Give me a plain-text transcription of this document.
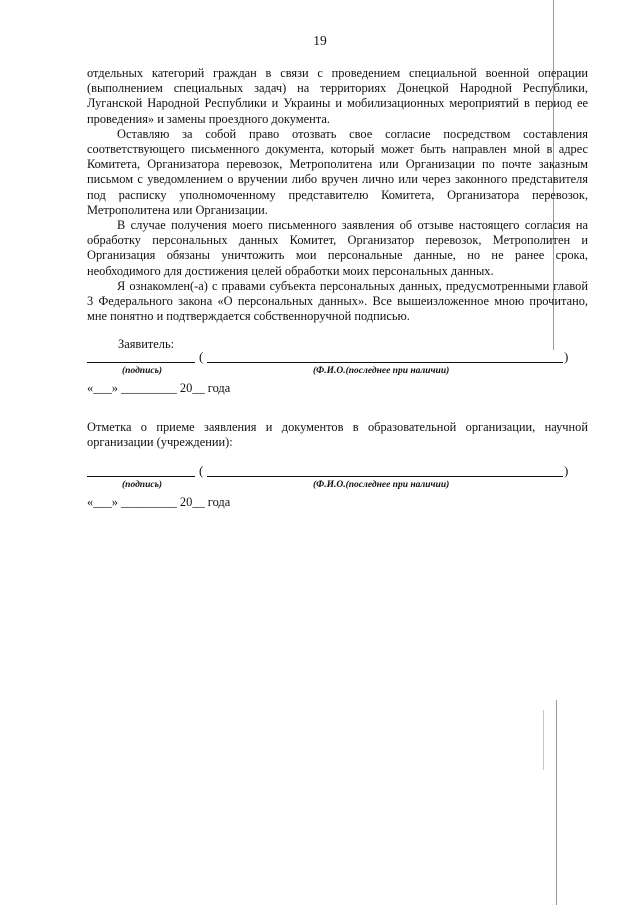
19

отдельных категорий граждан в связи с проведением специальной военной операции (выполнением специальных задач) на территориях Донецкой Народной Республики, Луганской Народной Республики и Украины и мобилизационных мероприятий в период ее проведения» и замены проездного документа.

Оставляю за собой право отозвать свое согласие посредством составления соответствующего письменного документа, который может быть направлен мной в адрес Комитета, Организатора перевозок, Метрополитена или Организации по почте заказным письмом с уведомлением о вручении либо вручен лично или через законного представителя под расписку уполномоченному представителю Комитета, Организатора перевозок, Метрополитена или Организации.

В случае получения моего письменного заявления об отзыве настоящего согласия на обработку персональных данных Комитет, Организатор перевозок, Метрополитен и Организация обязаны уничтожить мои персональные данные, но не ранее срока, необходимого для достижения целей обработки моих персональных данных.

Я ознакомлен(-а) с правами субъекта персональных данных, предусмотренными главой 3 Федерального закона «О персональных данных». Все вышеизложенное мною прочитано, мне понятно и подтверждается собственноручной подписью.

Заявитель:
(	)
(подпись)	(Ф.И.О.(последнее при наличии)
«___» _________ 20__ года

Отметка о приеме заявления и документов в образовательной организации, научной организации (учреждении):

(	)
(подпись)	(Ф.И.О.(последнее при наличии)
«___» _________ 20__ года
